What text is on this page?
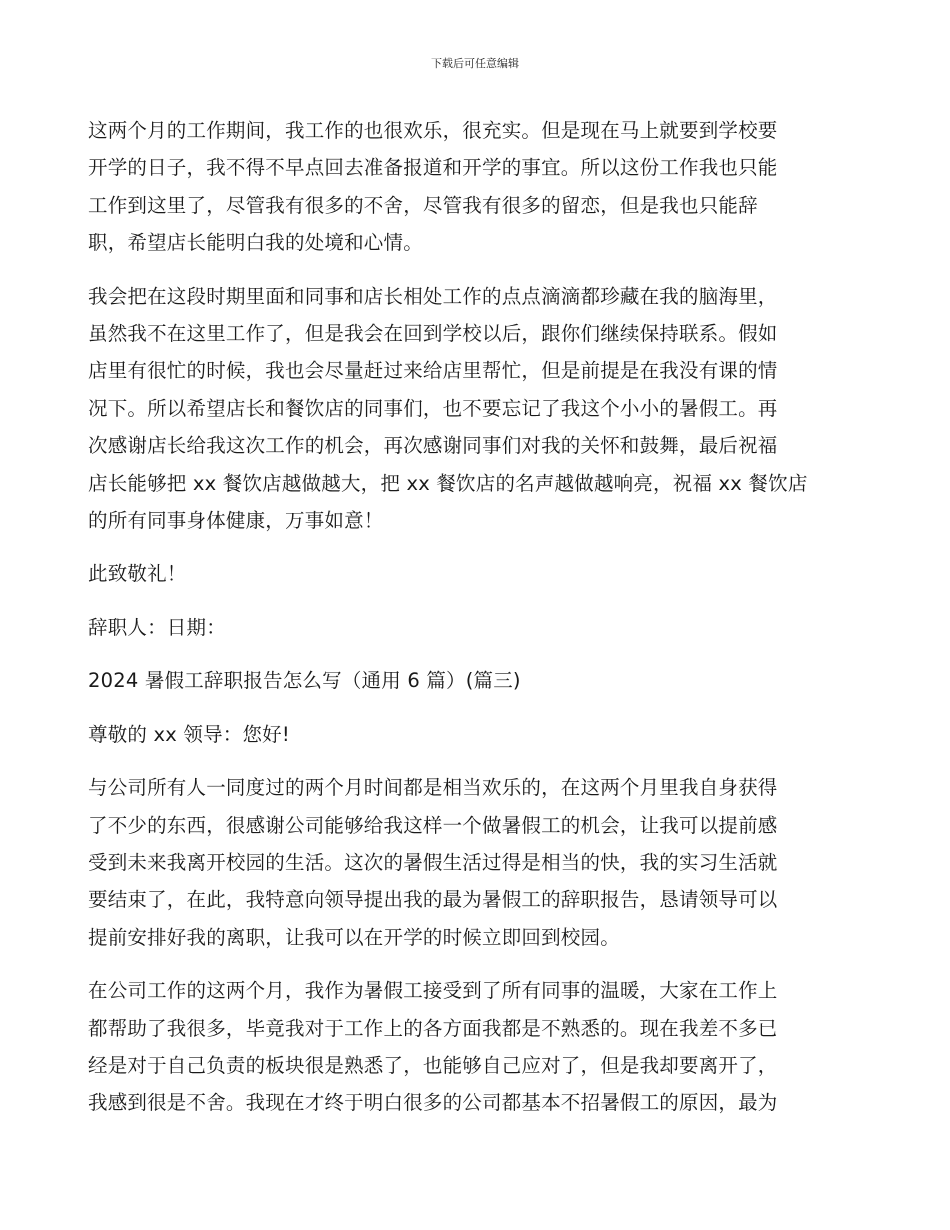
下载后可任意编辑

这两个月的工作期间，我工作的也很欢乐，很充实。但是现在马上就要到学校要
开学的日子，我不得不早点回去准备报道和开学的事宜。所以这份工作我也只能
工作到这里了，尽管我有很多的不舍，尽管我有很多的留恋，但是我也只能辞
职，希望店长能明白我的处境和心情。

我会把在这段时期里面和同事和店长相处工作的点点滴滴都珍藏在我的脑海里，
虽然我不在这里工作了，但是我会在回到学校以后，跟你们继续保持联系。假如
店里有很忙的时候，我也会尽量赶过来给店里帮忙，但是前提是在我没有课的情
况下。所以希望店长和餐饮店的同事们，也不要忘记了我这个小小的暑假工。再
次感谢店长给我这次工作的机会，再次感谢同事们对我的关怀和鼓舞，最后祝福
店长能够把 xx 餐饮店越做越大，把 xx 餐饮店的名声越做越响亮，祝福 xx 餐饮店
的所有同事身体健康，万事如意！

此致敬礼！

辞职人：日期：

2024 暑假工辞职报告怎么写（通用 6 篇）(篇三)

尊敬的 xx 领导：您好!

与公司所有人一同度过的两个月时间都是相当欢乐的，在这两个月里我自身获得
了不少的东西，很感谢公司能够给我这样一个做暑假工的机会，让我可以提前感
受到未来我离开校园的生活。这次的暑假生活过得是相当的快，我的实习生活就
要结束了，在此，我特意向领导提出我的最为暑假工的辞职报告，恳请领导可以
提前安排好我的离职，让我可以在开学的时候立即回到校园。

在公司工作的这两个月，我作为暑假工接受到了所有同事的温暖，大家在工作上
都帮助了我很多，毕竟我对于工作上的各方面我都是不熟悉的。现在我差不多已
经是对于自己负责的板块很是熟悉了，也能够自己应对了，但是我却要离开了，
我感到很是不舍。我现在才终于明白很多的公司都基本不招暑假工的原因，最为
